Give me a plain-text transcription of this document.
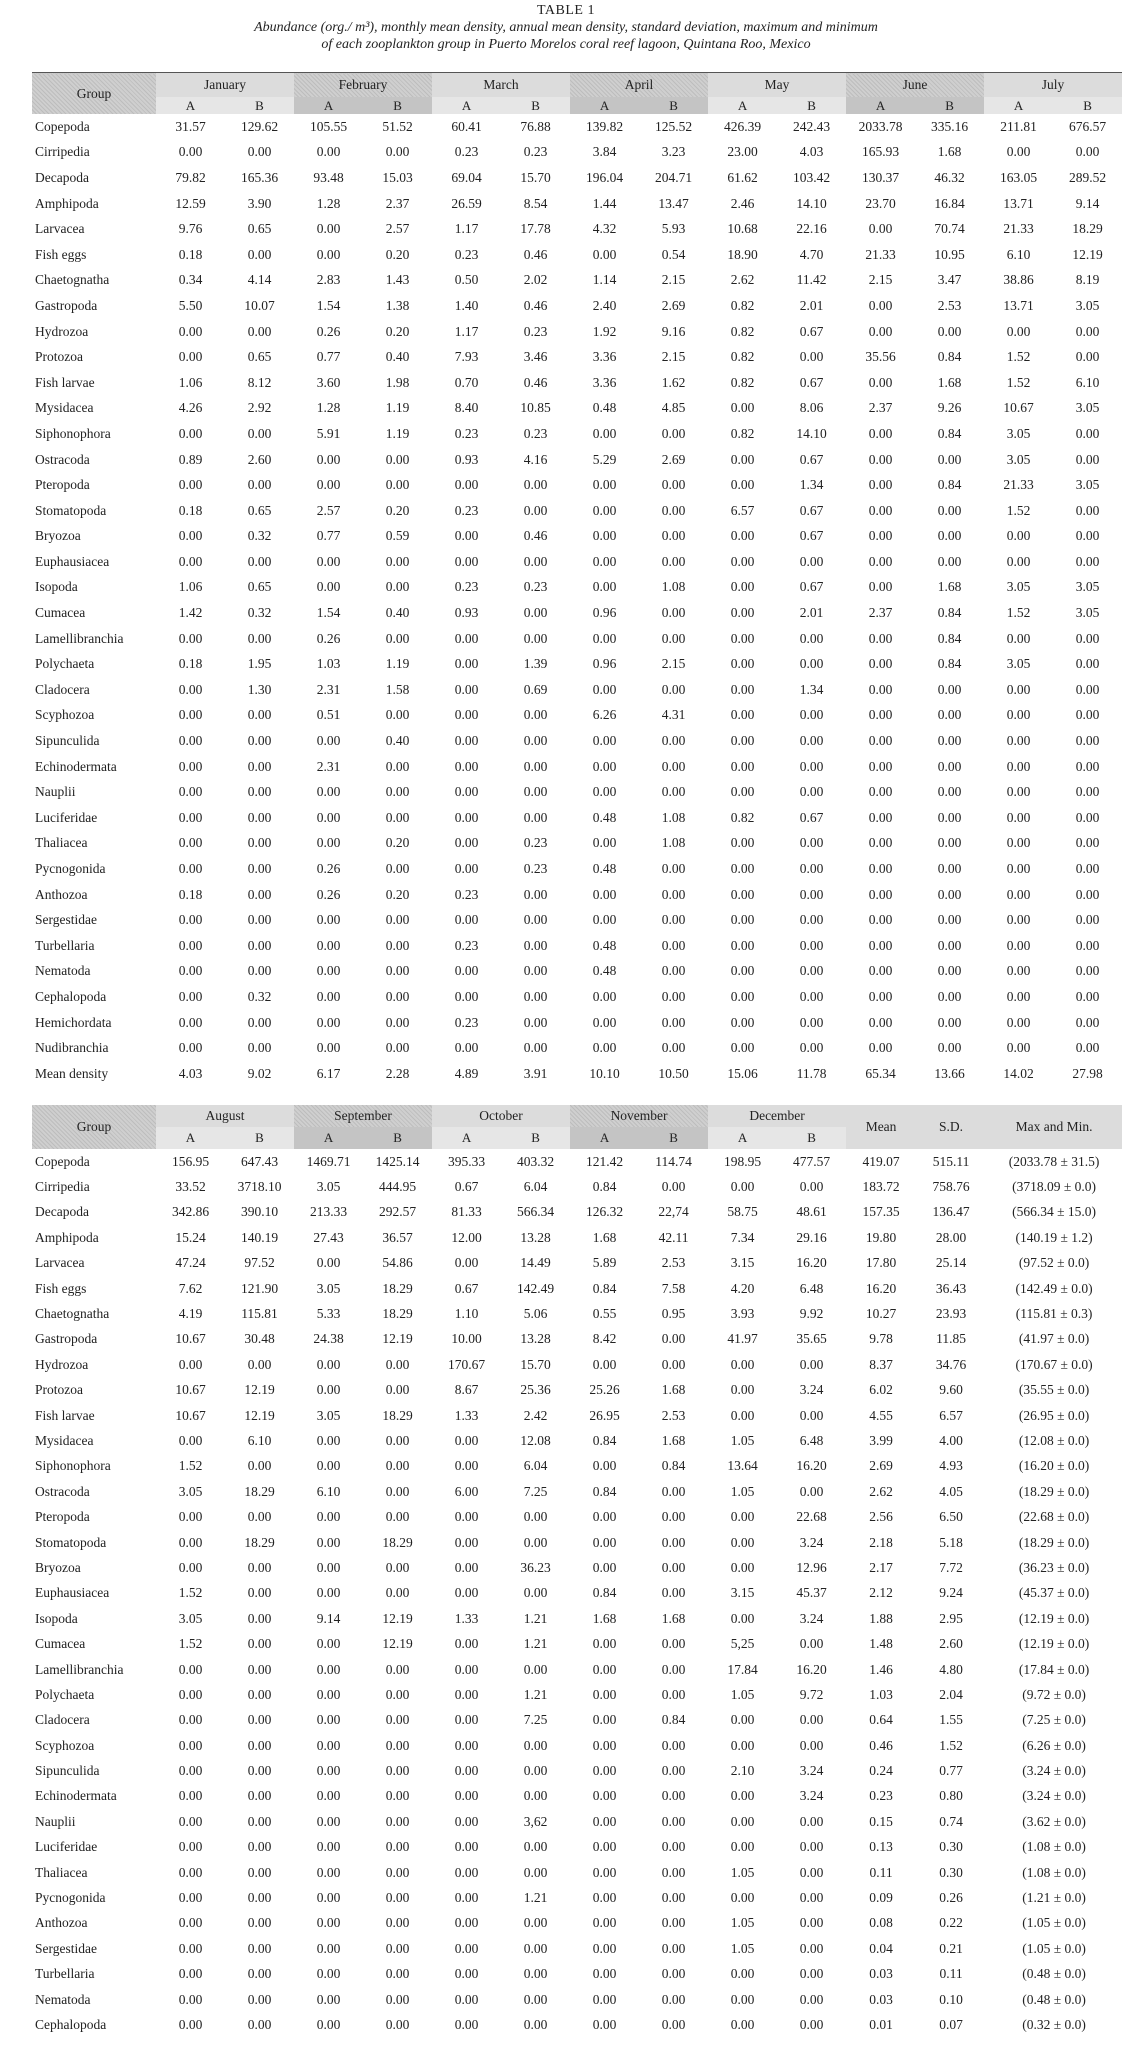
TABLE 1
Abundance (org./ m³), monthly mean density, annual mean density, standard deviation, maximum and minimum
of each zooplankton group in Puerto Morelos coral reef lagoon, Quintana Roo, Mexico
Group	January		February		March		April		May		June		July	
	A	B	A	B	A	B	A	B	A	B	A	B	A	B
Copepoda	31.57	129.62	105.55	51.52	60.41	76.88	139.82	125.52	426.39	242.43	2033.78	335.16	211.81	676.57
Cirripedia	0.00	0.00	0.00	0.00	0.23	0.23	3.84	3.23	23.00	4.03	165.93	1.68	0.00	0.00
Decapoda	79.82	165.36	93.48	15.03	69.04	15.70	196.04	204.71	61.62	103.42	130.37	46.32	163.05	289.52
Amphipoda	12.59	3.90	1.28	2.37	26.59	8.54	1.44	13.47	2.46	14.10	23.70	16.84	13.71	9.14
Larvacea	9.76	0.65	0.00	2.57	1.17	17.78	4.32	5.93	10.68	22.16	0.00	70.74	21.33	18.29
Fish eggs	0.18	0.00	0.00	0.20	0.23	0.46	0.00	0.54	18.90	4.70	21.33	10.95	6.10	12.19
Chaetognatha	0.34	4.14	2.83	1.43	0.50	2.02	1.14	2.15	2.62	11.42	2.15	3.47	38.86	8.19
Gastropoda	5.50	10.07	1.54	1.38	1.40	0.46	2.40	2.69	0.82	2.01	0.00	2.53	13.71	3.05
Hydrozoa	0.00	0.00	0.26	0.20	1.17	0.23	1.92	9.16	0.82	0.67	0.00	0.00	0.00	0.00
Protozoa	0.00	0.65	0.77	0.40	7.93	3.46	3.36	2.15	0.82	0.00	35.56	0.84	1.52	0.00
Fish larvae	1.06	8.12	3.60	1.98	0.70	0.46	3.36	1.62	0.82	0.67	0.00	1.68	1.52	6.10
Mysidacea	4.26	2.92	1.28	1.19	8.40	10.85	0.48	4.85	0.00	8.06	2.37	9.26	10.67	3.05
Siphonophora	0.00	0.00	5.91	1.19	0.23	0.23	0.00	0.00	0.82	14.10	0.00	0.84	3.05	0.00
Ostracoda	0.89	2.60	0.00	0.00	0.93	4.16	5.29	2.69	0.00	0.67	0.00	0.00	3.05	0.00
Pteropoda	0.00	0.00	0.00	0.00	0.00	0.00	0.00	0.00	0.00	1.34	0.00	0.84	21.33	3.05
Stomatopoda	0.18	0.65	2.57	0.20	0.23	0.00	0.00	0.00	6.57	0.67	0.00	0.00	1.52	0.00
Bryozoa	0.00	0.32	0.77	0.59	0.00	0.46	0.00	0.00	0.00	0.67	0.00	0.00	0.00	0.00
Euphausiacea	0.00	0.00	0.00	0.00	0.00	0.00	0.00	0.00	0.00	0.00	0.00	0.00	0.00	0.00
Isopoda	1.06	0.65	0.00	0.00	0.23	0.23	0.00	1.08	0.00	0.67	0.00	1.68	3.05	3.05
Cumacea	1.42	0.32	1.54	0.40	0.93	0.00	0.96	0.00	0.00	2.01	2.37	0.84	1.52	3.05
Lamellibranchia	0.00	0.00	0.26	0.00	0.00	0.00	0.00	0.00	0.00	0.00	0.00	0.84	0.00	0.00
Polychaeta	0.18	1.95	1.03	1.19	0.00	1.39	0.96	2.15	0.00	0.00	0.00	0.84	3.05	0.00
Cladocera	0.00	1.30	2.31	1.58	0.00	0.69	0.00	0.00	0.00	1.34	0.00	0.00	0.00	0.00
Scyphozoa	0.00	0.00	0.51	0.00	0.00	0.00	6.26	4.31	0.00	0.00	0.00	0.00	0.00	0.00
Sipunculida	0.00	0.00	0.00	0.40	0.00	0.00	0.00	0.00	0.00	0.00	0.00	0.00	0.00	0.00
Echinodermata	0.00	0.00	2.31	0.00	0.00	0.00	0.00	0.00	0.00	0.00	0.00	0.00	0.00	0.00
Nauplii	0.00	0.00	0.00	0.00	0.00	0.00	0.00	0.00	0.00	0.00	0.00	0.00	0.00	0.00
Luciferidae	0.00	0.00	0.00	0.00	0.00	0.00	0.48	1.08	0.82	0.67	0.00	0.00	0.00	0.00
Thaliacea	0.00	0.00	0.00	0.20	0.00	0.23	0.00	1.08	0.00	0.00	0.00	0.00	0.00	0.00
Pycnogonida	0.00	0.00	0.26	0.00	0.00	0.23	0.48	0.00	0.00	0.00	0.00	0.00	0.00	0.00
Anthozoa	0.18	0.00	0.26	0.20	0.23	0.00	0.00	0.00	0.00	0.00	0.00	0.00	0.00	0.00
Sergestidae	0.00	0.00	0.00	0.00	0.00	0.00	0.00	0.00	0.00	0.00	0.00	0.00	0.00	0.00
Turbellaria	0.00	0.00	0.00	0.00	0.23	0.00	0.48	0.00	0.00	0.00	0.00	0.00	0.00	0.00
Nematoda	0.00	0.00	0.00	0.00	0.00	0.00	0.48	0.00	0.00	0.00	0.00	0.00	0.00	0.00
Cephalopoda	0.00	0.32	0.00	0.00	0.00	0.00	0.00	0.00	0.00	0.00	0.00	0.00	0.00	0.00
Hemichordata	0.00	0.00	0.00	0.00	0.23	0.00	0.00	0.00	0.00	0.00	0.00	0.00	0.00	0.00
Nudibranchia	0.00	0.00	0.00	0.00	0.00	0.00	0.00	0.00	0.00	0.00	0.00	0.00	0.00	0.00
Mean density	4.03	9.02	6.17	2.28	4.89	3.91	10.10	10.50	15.06	11.78	65.34	13.66	14.02	27.98
Group	August		September		October		November		December		Mean	S.D.	Max and Min.
	A	B	A	B	A	B	A	B	A	B			
Copepoda	156.95	647.43	1469.71	1425.14	395.33	403.32	121.42	114.74	198.95	477.57	419.07	515.11	(2033.78 ± 31.5)
Cirripedia	33.52	3718.10	3.05	444.95	0.67	6.04	0.84	0.00	0.00	0.00	183.72	758.76	(3718.09 ± 0.0)
Decapoda	342.86	390.10	213.33	292.57	81.33	566.34	126.32	22,74	58.75	48.61	157.35	136.47	(566.34 ± 15.0)
Amphipoda	15.24	140.19	27.43	36.57	12.00	13.28	1.68	42.11	7.34	29.16	19.80	28.00	(140.19 ± 1.2)
Larvacea	47.24	97.52	0.00	54.86	0.00	14.49	5.89	2.53	3.15	16.20	17.80	25.14	(97.52 ± 0.0)
Fish eggs	7.62	121.90	3.05	18.29	0.67	142.49	0.84	7.58	4.20	6.48	16.20	36.43	(142.49 ± 0.0)
Chaetognatha	4.19	115.81	5.33	18.29	1.10	5.06	0.55	0.95	3.93	9.92	10.27	23.93	(115.81 ± 0.3)
Gastropoda	10.67	30.48	24.38	12.19	10.00	13.28	8.42	0.00	41.97	35.65	9.78	11.85	(41.97 ± 0.0)
Hydrozoa	0.00	0.00	0.00	0.00	170.67	15.70	0.00	0.00	0.00	0.00	8.37	34.76	(170.67 ± 0.0)
Protozoa	10.67	12.19	0.00	0.00	8.67	25.36	25.26	1.68	0.00	3.24	6.02	9.60	(35.55 ± 0.0)
Fish larvae	10.67	12.19	3.05	18.29	1.33	2.42	26.95	2.53	0.00	0.00	4.55	6.57	(26.95 ± 0.0)
Mysidacea	0.00	6.10	0.00	0.00	0.00	12.08	0.84	1.68	1.05	6.48	3.99	4.00	(12.08 ± 0.0)
Siphonophora	1.52	0.00	0.00	0.00	0.00	6.04	0.00	0.84	13.64	16.20	2.69	4.93	(16.20 ± 0.0)
Ostracoda	3.05	18.29	6.10	0.00	6.00	7.25	0.84	0.00	1.05	0.00	2.62	4.05	(18.29 ± 0.0)
Pteropoda	0.00	0.00	0.00	0.00	0.00	0.00	0.00	0.00	0.00	22.68	2.56	6.50	(22.68 ± 0.0)
Stomatopoda	0.00	18.29	0.00	18.29	0.00	0.00	0.00	0.00	0.00	3.24	2.18	5.18	(18.29 ± 0.0)
Bryozoa	0.00	0.00	0.00	0.00	0.00	36.23	0.00	0.00	0.00	12.96	2.17	7.72	(36.23 ± 0.0)
Euphausiacea	1.52	0.00	0.00	0.00	0.00	0.00	0.84	0.00	3.15	45.37	2.12	9.24	(45.37 ± 0.0)
Isopoda	3.05	0.00	9.14	12.19	1.33	1.21	1.68	1.68	0.00	3.24	1.88	2.95	(12.19 ± 0.0)
Cumacea	1.52	0.00	0.00	12.19	0.00	1.21	0.00	0.00	5,25	0.00	1.48	2.60	(12.19 ± 0.0)
Lamellibranchia	0.00	0.00	0.00	0.00	0.00	0.00	0.00	0.00	17.84	16.20	1.46	4.80	(17.84 ± 0.0)
Polychaeta	0.00	0.00	0.00	0.00	0.00	1.21	0.00	0.00	1.05	9.72	1.03	2.04	(9.72 ± 0.0)
Cladocera	0.00	0.00	0.00	0.00	0.00	7.25	0.00	0.84	0.00	0.00	0.64	1.55	(7.25 ± 0.0)
Scyphozoa	0.00	0.00	0.00	0.00	0.00	0.00	0.00	0.00	0.00	0.00	0.46	1.52	(6.26 ± 0.0)
Sipunculida	0.00	0.00	0.00	0.00	0.00	0.00	0.00	0.00	2.10	3.24	0.24	0.77	(3.24 ± 0.0)
Echinodermata	0.00	0.00	0.00	0.00	0.00	0.00	0.00	0.00	0.00	3.24	0.23	0.80	(3.24 ± 0.0)
Nauplii	0.00	0.00	0.00	0.00	0.00	3,62	0.00	0.00	0.00	0.00	0.15	0.74	(3.62 ± 0.0)
Luciferidae	0.00	0.00	0.00	0.00	0.00	0.00	0.00	0.00	0.00	0.00	0.13	0.30	(1.08 ± 0.0)
Thaliacea	0.00	0.00	0.00	0.00	0.00	0.00	0.00	0.00	1.05	0.00	0.11	0.30	(1.08 ± 0.0)
Pycnogonida	0.00	0.00	0.00	0.00	0.00	1.21	0.00	0.00	0.00	0.00	0.09	0.26	(1.21 ± 0.0)
Anthozoa	0.00	0.00	0.00	0.00	0.00	0.00	0.00	0.00	1.05	0.00	0.08	0.22	(1.05 ± 0.0)
Sergestidae	0.00	0.00	0.00	0.00	0.00	0.00	0.00	0.00	1.05	0.00	0.04	0.21	(1.05 ± 0.0)
Turbellaria	0.00	0.00	0.00	0.00	0.00	0.00	0.00	0.00	0.00	0.00	0.03	0.11	(0.48 ± 0.0)
Nematoda	0.00	0.00	0.00	0.00	0.00	0.00	0.00	0.00	0.00	0.00	0.03	0.10	(0.48 ± 0.0)
Cephalopoda	0.00	0.00	0.00	0.00	0.00	0.00	0.00	0.00	0.00	0.00	0.01	0.07	(0.32 ± 0.0)
